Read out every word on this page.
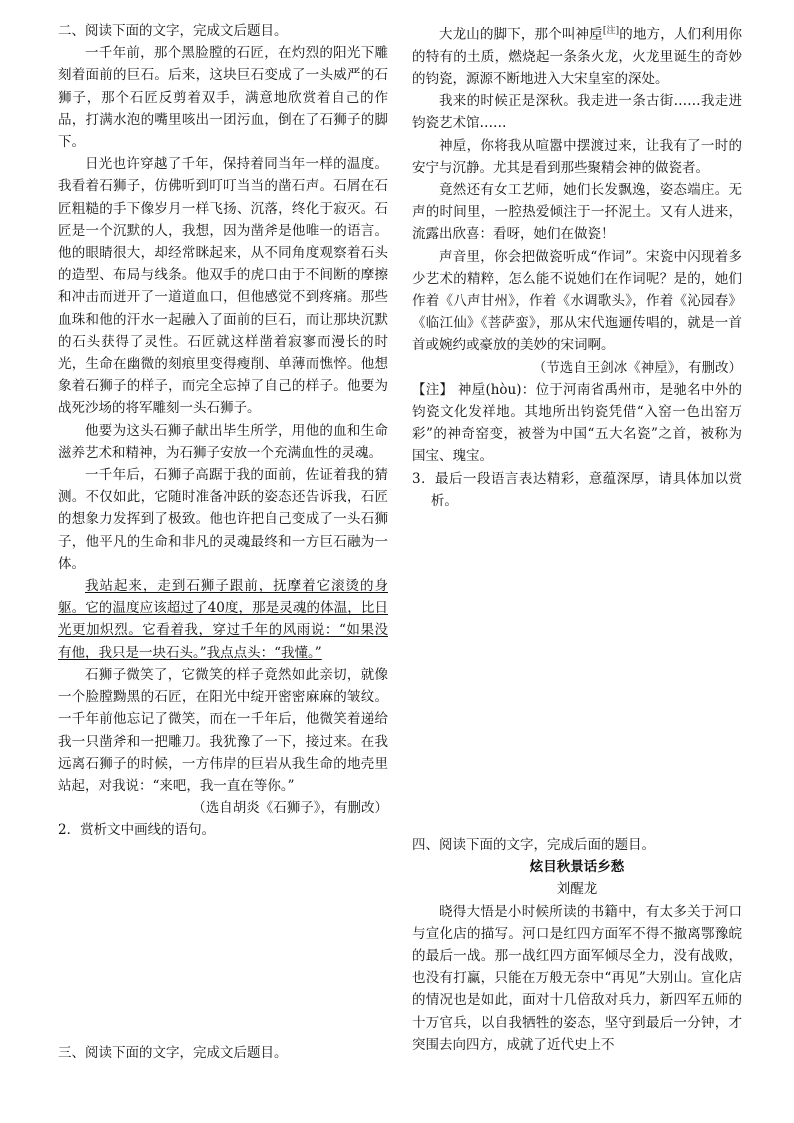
二、阅读下面的文字，完成文后题目。

一千年前，那个黑脸膛的石匠，在灼烈的阳光下雕刻着面前的巨石。后来，这块巨石变成了一头威严的石狮子，那个石匠反剪着双手，满意地欣赏着自己的作品，打满水泡的嘴里咳出一团污血，倒在了石狮子的脚下。

日光也许穿越了千年，保持着同当年一样的温度。我看着石狮子，仿佛听到叮叮当当的凿石声。石屑在石匠粗糙的手下像岁月一样飞扬、沉落，终化于寂灭。石匠是一个沉默的人，我想，因为凿斧是他唯一的语言。他的眼睛很大，却经常眯起来，从不同角度观察着石头的造型、布局与线条。他双手的虎口由于不间断的摩擦和冲击而迸开了一道道血口，但他感觉不到疼痛。那些血珠和他的汗水一起融入了面前的巨石，而让那块沉默的石头获得了灵性。石匠就这样凿着寂寥而漫长的时光，生命在幽微的刻痕里变得瘦削、单薄而憔悴。他想象着石狮子的样子，而完全忘掉了自己的样子。他要为战死沙场的将军雕刻一头石狮子。

他要为这头石狮子献出毕生所学，用他的血和生命滋养艺术和精神，为石狮子安放一个充满血性的灵魂。

一千年后，石狮子高踞于我的面前，佐证着我的猜测。不仅如此，它随时准备冲跃的姿态还告诉我，石匠的想象力发挥到了极致。他也许把自己变成了一头石狮子，他平凡的生命和非凡的灵魂最终和一方巨石融为一体。

我站起来，走到石狮子跟前，抚摩着它滚烫的身躯。它的温度应该超过了40度，那是灵魂的体温，比日光更加炽烈。它看着我，穿过千年的风雨说：“如果没有他，我只是一块石头。”我点点头：“我懂。”

石狮子微笑了，它微笑的样子竟然如此亲切，就像一个脸膛黝黑的石匠，在阳光中绽开密密麻麻的皱纹。一千年前他忘记了微笑，而在一千年后，他微笑着递给我一只凿斧和一把雕刀。我犹豫了一下，接过来。在我远离石狮子的时候，一方伟岸的巨岩从我生命的地壳里站起，对我说：“来吧，我一直在等你。”

（选自胡炎《石狮子》，有删改）

2．赏析文中画线的语句。

三、阅读下面的文字，完成文后题目。

大龙山的脚下，那个叫神垕[注]的地方，人们利用你的特有的土质，燃烧起一条条火龙，火龙里诞生的奇妙的钧瓷，源源不断地进入大宋皇室的深处。

我来的时候正是深秋。我走进一条古街……我走进钧瓷艺术馆……

神垕，你将我从喧嚣中摆渡过来，让我有了一时的安宁与沉静。尤其是看到那些聚精会神的做瓷者。

竟然还有女工艺师，她们长发飘逸，姿态端庄。无声的时间里，一腔热爱倾注于一抔泥土。又有人进来，流露出欣喜：看呀，她们在做瓷！

声音里，你会把做瓷听成“作词”。宋瓷中闪现着多少艺术的精粹，怎么能不说她们在作词呢？是的，她们作着《八声甘州》，作着《水调歌头》，作着《沁园春》《临江仙》《菩萨蛮》，那从宋代迤逦传唱的，就是一首首或婉约或豪放的美妙的宋词啊。

（节选自王剑冰《神垕》，有删改）

【注】 神垕(hòu)：位于河南省禹州市，是驰名中外的钧瓷文化发祥地。其地所出钧瓷凭借“入窑一色出窑万彩”的神奇窑变，被誉为中国“五大名瓷”之首，被称为国宝、瑰宝。

3．最后一段语言表达精彩，意蕴深厚，请具体加以赏析。

四、阅读下面的文字，完成后面的题目。

炫目秋景话乡愁

刘醒龙

晓得大悟是小时候所读的书籍中，有太多关于河口与宣化店的描写。河口是红四方面军不得不撤离鄂豫皖的最后一战。那一战红四方面军倾尽全力，没有战败，也没有打赢，只能在万般无奈中“再见”大别山。宣化店的情况也是如此，面对十几倍敌对兵力，新四军五师的十万官兵，以自我牺牲的姿态，坚守到最后一分钟，才突围去向四方，成就了近代史上不
